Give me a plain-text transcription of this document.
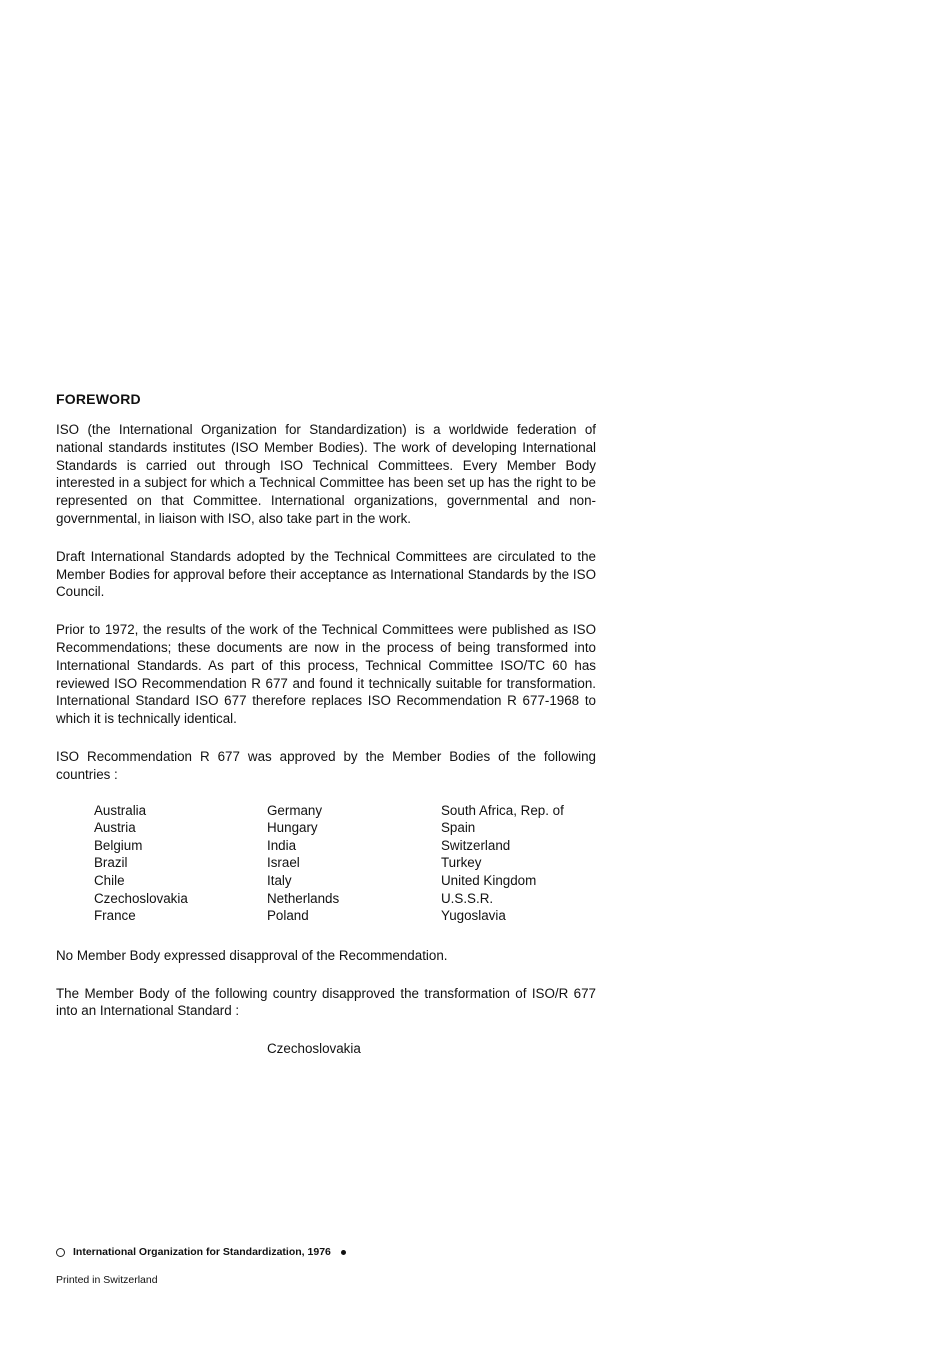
FOREWORD

ISO (the International Organization for Standardization) is a worldwide federation of national standards institutes (ISO Member Bodies). The work of developing International Standards is carried out through ISO Technical Committees. Every Member Body interested in a subject for which a Technical Committee has been set up has the right to be represented on that Committee. International organizations, governmental and non-governmental, in liaison with ISO, also take part in the work.

Draft International Standards adopted by the Technical Committees are circulated to the Member Bodies for approval before their acceptance as International Standards by the ISO Council.

Prior to 1972, the results of the work of the Technical Committees were published as ISO Recommendations; these documents are now in the process of being transformed into International Standards. As part of this process, Technical Committee ISO/TC 60 has reviewed ISO Recommendation R 677 and found it technically suitable for transformation. International Standard ISO 677 therefore replaces ISO Recommendation R 677-1968 to which it is technically identical.

ISO Recommendation R 677 was approved by the Member Bodies of the following countries :

Australia
Austria
Belgium
Brazil
Chile
Czechoslovakia
France
Germany
Hungary
India
Israel
Italy
Netherlands
Poland
South Africa, Rep. of
Spain
Switzerland
Turkey
United Kingdom
U.S.S.R.
Yugoslavia

No Member Body expressed disapproval of the Recommendation.

The Member Body of the following country disapproved the transformation of ISO/R 677 into an International Standard :

Czechoslovakia
International Organization for Standardization, 1976
Printed in Switzerland
